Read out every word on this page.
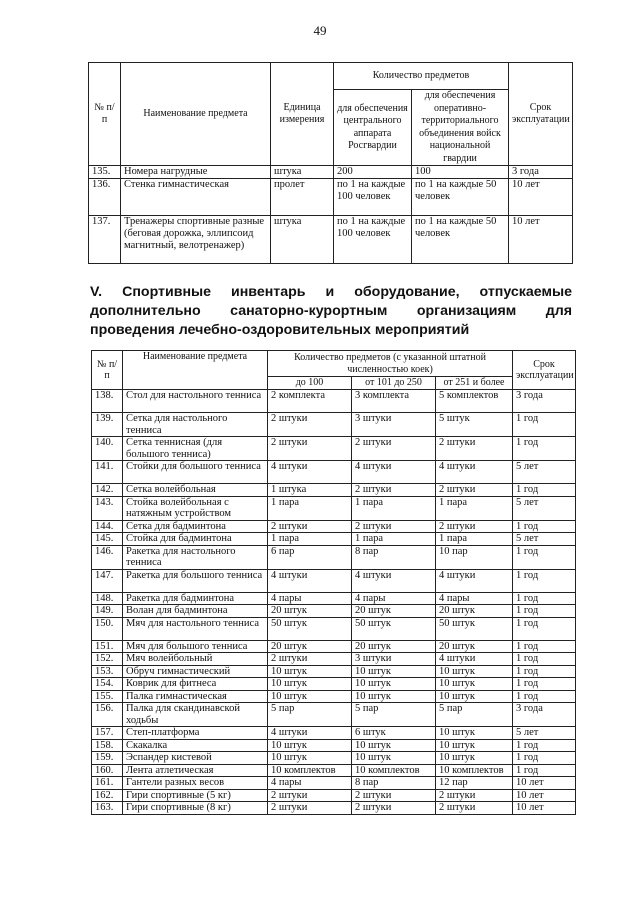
49
№ п/п	Наименование предмета	Единица измерения	Количество предметов		Срок эксплуатации
			для обеспечения центрального аппарата Росгвардии	для обеспечения оперативно-территориального объединения войск национальной гвардии	
135.	Номера нагрудные	штука	200	100	3 года
136.	Стенка гимнастическая	пролет	по 1 на каждые 100 человек	по 1 на каждые 50 человек	10 лет
137.	Тренажеры спортивные разные (беговая дорожка, эллипсоид магнитный, велотренажер)	штука	по 1 на каждые 100 человек	по 1 на каждые 50 человек	10 лет
V. Спортивные инвентарь и оборудование, отпускаемые дополнительно санаторно-курортным организациям для проведения лечебно-оздоровительных мероприятий
№ п/п	Наименование предмета	Количество предметов (с указанной штатной численностью коек)			Срок эксплуатации
		до 100	от 101 до 250	от 251 и более	
138.	Стол для настольного тенниса	2 комплекта	3 комплекта	5 комплектов	3 года
139.	Сетка для настольного тенниса	2 штуки	3 штуки	5 штук	1 год
140.	Сетка теннисная (для большого тенниса)	2 штуки	2 штуки	2 штуки	1 год
141.	Стойки для большого тенниса	4 штуки	4 штуки	4 штуки	5 лет
142.	Сетка волейбольная	1 штука	2 штуки	2 штуки	1 год
143.	Стойка волейбольная с натяжным устройством	1 пара	1 пара	1 пара	5 лет
144.	Сетка для бадминтона	2 штуки	2 штуки	2 штуки	1 год
145.	Стойка для бадминтона	1 пара	1 пара	1 пара	5 лет
146.	Ракетка для настольного тенниса	6 пар	8 пар	10 пар	1 год
147.	Ракетка для большого тенниса	4 штуки	4 штуки	4 штуки	1 год
148.	Ракетка для бадминтона	4 пары	4 пары	4 пары	1 год
149.	Волан для бадминтона	20 штук	20 штук	20 штук	1 год
150.	Мяч для настольного тенниса	50 штук	50 штук	50 штук	1 год
151.	Мяч для большого тенниса	20 штук	20 штук	20 штук	1 год
152.	Мяч волейбольный	2 штуки	3 штуки	4 штуки	1 год
153.	Обруч гимнастический	10 штук	10 штук	10 штук	1 год
154.	Коврик для фитнеса	10 штук	10 штук	10 штук	1 год
155.	Палка гимнастическая	10 штук	10 штук	10 штук	1 год
156.	Палка для скандинавской ходьбы	5 пар	5 пар	5 пар	3 года
157.	Степ-платформа	4 штуки	6 штук	10 штук	5 лет
158.	Скакалка	10 штук	10 штук	10 штук	1 год
159.	Эспандер кистевой	10 штук	10 штук	10 штук	1 год
160.	Лента атлетическая	10 комплектов	10 комплектов	10 комплектов	1 год
161.	Гантели разных весов	4 пары	8 пар	12 пар	10 лет
162.	Гири спортивные (5 кг)	2 штуки	2 штуки	2 штуки	10 лет
163.	Гири спортивные (8 кг)	2 штуки	2 штуки	2 штуки	10 лет
